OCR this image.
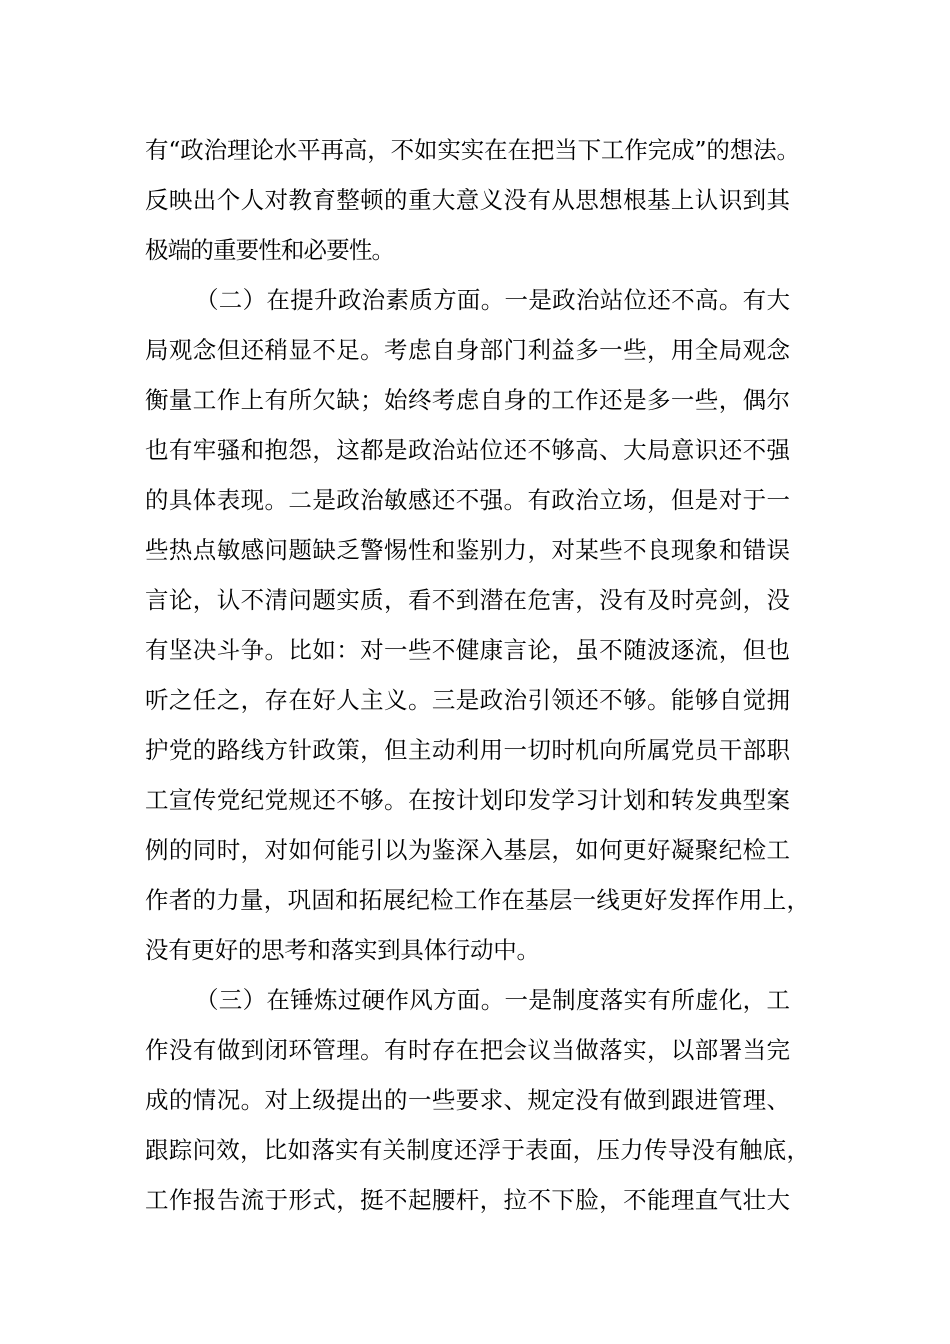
有“政治理论水平再高，不如实实在在把当下工作完成”的想法。
反映出个人对教育整顿的重大意义没有从思想根基上认识到其
极端的重要性和必要性。
（二）在提升政治素质方面。一是政治站位还不高。有大
局观念但还稍显不足。考虑自身部门利益多一些，用全局观念
衡量工作上有所欠缺；始终考虑自身的工作还是多一些，偶尔
也有牢骚和抱怨，这都是政治站位还不够高、大局意识还不强
的具体表现。二是政治敏感还不强。有政治立场，但是对于一
些热点敏感问题缺乏警惕性和鉴别力，对某些不良现象和错误
言论，认不清问题实质，看不到潜在危害，没有及时亮剑，没
有坚决斗争。比如：对一些不健康言论，虽不随波逐流，但也
听之任之，存在好人主义。三是政治引领还不够。能够自觉拥
护党的路线方针政策，但主动利用一切时机向所属党员干部职
工宣传党纪党规还不够。在按计划印发学习计划和转发典型案
例的同时，对如何能引以为鉴深入基层，如何更好凝聚纪检工
作者的力量，巩固和拓展纪检工作在基层一线更好发挥作用上，
没有更好的思考和落实到具体行动中。
（三）在锤炼过硬作风方面。一是制度落实有所虚化，工
作没有做到闭环管理。有时存在把会议当做落实，以部署当完
成的情况。对上级提出的一些要求、规定没有做到跟进管理、
跟踪问效，比如落实有关制度还浮于表面，压力传导没有触底，
工作报告流于形式，挺不起腰杆，拉不下脸，不能理直气壮大
